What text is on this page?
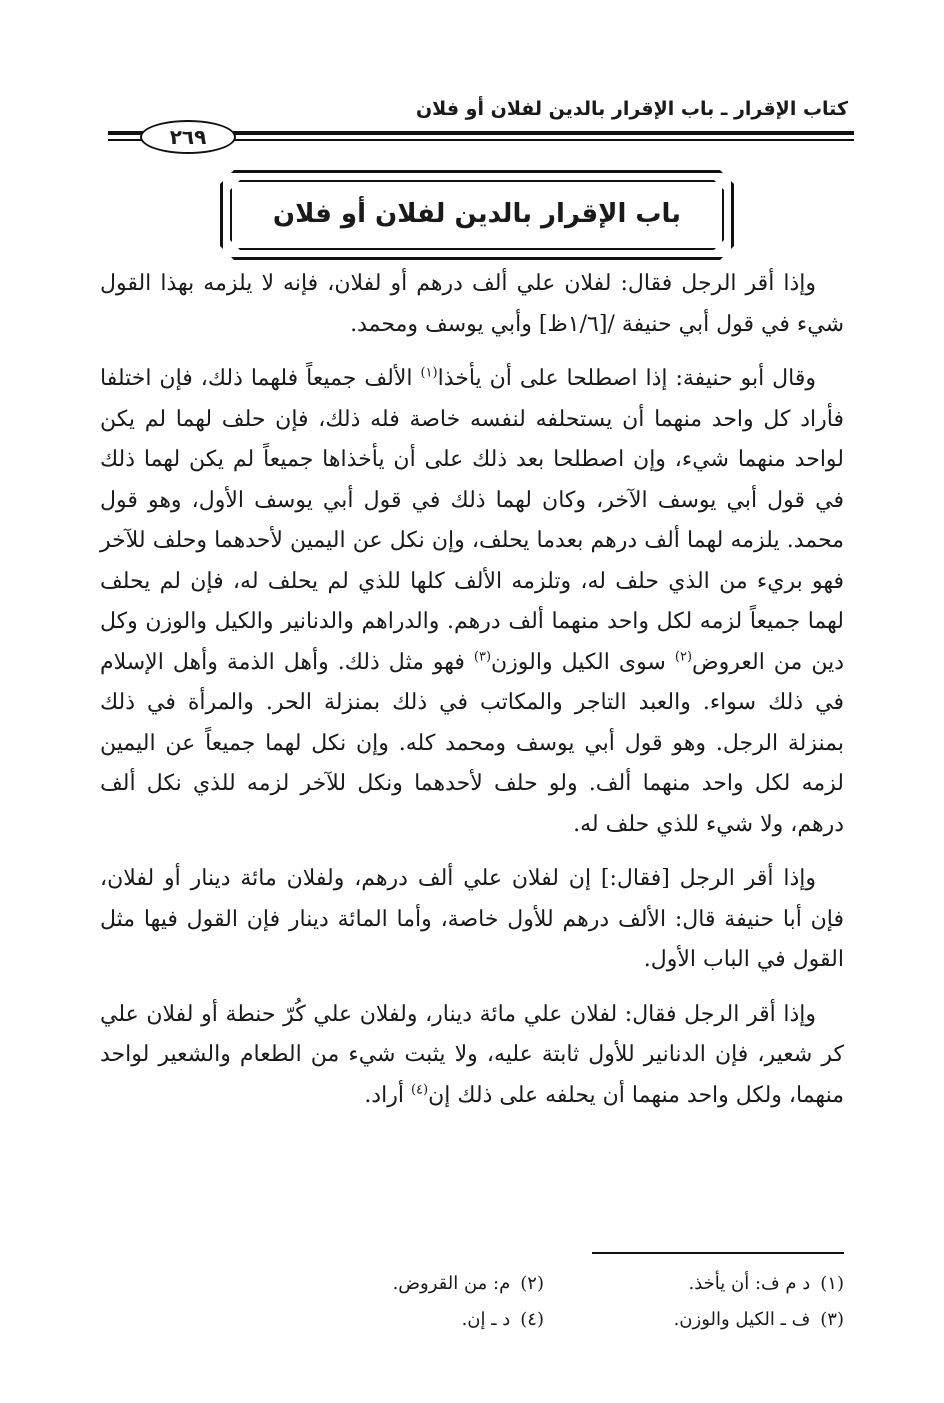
كتاب الإقرار ـ باب الإقرار بالدين لفلان أو فلان
٢٦٩
باب الإقرار بالدين لفلان أو فلان

وإذا أقر الرجل فقال: لفلان علي ألف درهم أو لفلان، فإنه لا يلزمه بهذا القول شيء في قول أبي حنيفة /[١/٦ظ] وأبي يوسف ومحمد.

وقال أبو حنيفة: إذا اصطلحا على أن يأخذا$^{(١)}$ الألف جميعاً فلهما ذلك، فإن اختلفا فأراد كل واحد منهما أن يستحلفه لنفسه خاصة فله ذلك، فإن حلف لهما لم يكن لواحد منهما شيء، وإن اصطلحا بعد ذلك على أن يأخذاها جميعاً لم يكن لهما ذلك في قول أبي يوسف الآخر، وكان لهما ذلك في قول أبي يوسف الأول، وهو قول محمد. يلزمه لهما ألف درهم بعدما يحلف، وإن نكل عن اليمين لأحدهما وحلف للآخر فهو بريء من الذي حلف له، وتلزمه الألف كلها للذي لم يحلف له، فإن لم يحلف لهما جميعاً لزمه لكل واحد منهما ألف درهم. والدراهم والدنانير والكيل والوزن وكل دين من العروض$^{(٢)}$ سوى الكيل والوزن$^{(٣)}$ فهو مثل ذلك. وأهل الذمة وأهل الإسلام في ذلك سواء. والعبد التاجر والمكاتب في ذلك بمنزلة الحر. والمرأة في ذلك بمنزلة الرجل. وهو قول أبي يوسف ومحمد كله. وإن نكل لهما جميعاً عن اليمين لزمه لكل واحد منهما ألف. ولو حلف لأحدهما ونكل للآخر لزمه للذي نكل ألف درهم، ولا شيء للذي حلف له.

وإذا أقر الرجل [فقال:] إن لفلان علي ألف درهم، ولفلان مائة دينار أو لفلان، فإن أبا حنيفة قال: الألف درهم للأول خاصة، وأما المائة دينار فإن القول فيها مثل القول في الباب الأول.

وإذا أقر الرجل فقال: لفلان علي مائة دينار، ولفلان علي كُرّ حنطة أو لفلان علي كر شعير، فإن الدنانير للأول ثابتة عليه، ولا يثبت شيء من الطعام والشعير لواحد منهما، ولكل واحد منهما أن يحلفه على ذلك إن$^{(٤)}$ أراد.

(١)د م ف: أن يأخذ.
(٢)م: من القروض.
(٣)ف ـ الكيل والوزن.
(٤)د ـ إن.
